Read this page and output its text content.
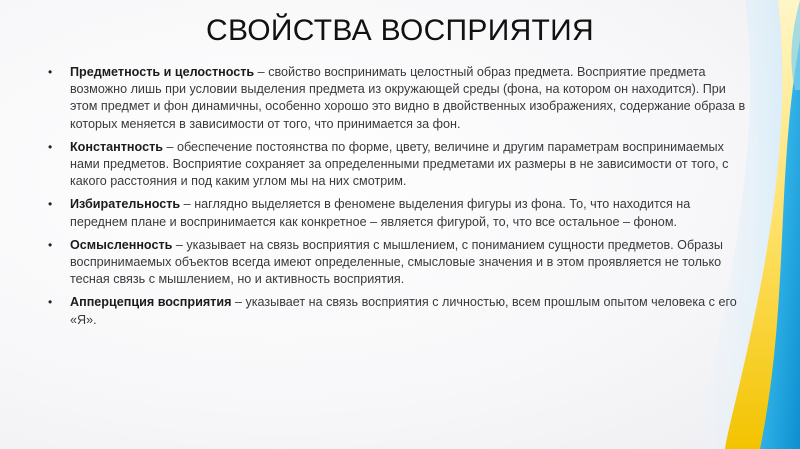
СВОЙСТВА ВОСПРИЯТИЯ
• Предметность и целостность – свойство воспринимать целостный образ предмета. Восприятие предмета возможно лишь при условии выделения предмета из окружающей среды (фона, на котором он находится). При этом предмет и фон динамичны, особенно хорошо это видно в двойственных изображениях, содержание образа в которых меняется в зависимости от того, что принимается за фон.
• Константность – обеспечение постоянства по форме, цвету, величине и другим параметрам воспринимаемых нами предметов. Восприятие сохраняет за определенными предметами их размеры в не зависимости от того, с какого расстояния и под каким углом мы на них смотрим.
• Избирательность – наглядно выделяется в феномене выделения фигуры из фона. То, что находится на переднем плане и воспринимается как конкретное – является фигурой, то, что все остальное – фоном.
• Осмысленность – указывает на связь восприятия с мышлением, с пониманием сущности предметов. Образы воспринимаемых объектов всегда имеют определенные, смысловые значения и в этом проявляется не только тесная связь с мышлением, но и активность восприятия.
• Апперцепция восприятия – указывает на связь восприятия с личностью, всем прошлым опытом человека с его «Я».
